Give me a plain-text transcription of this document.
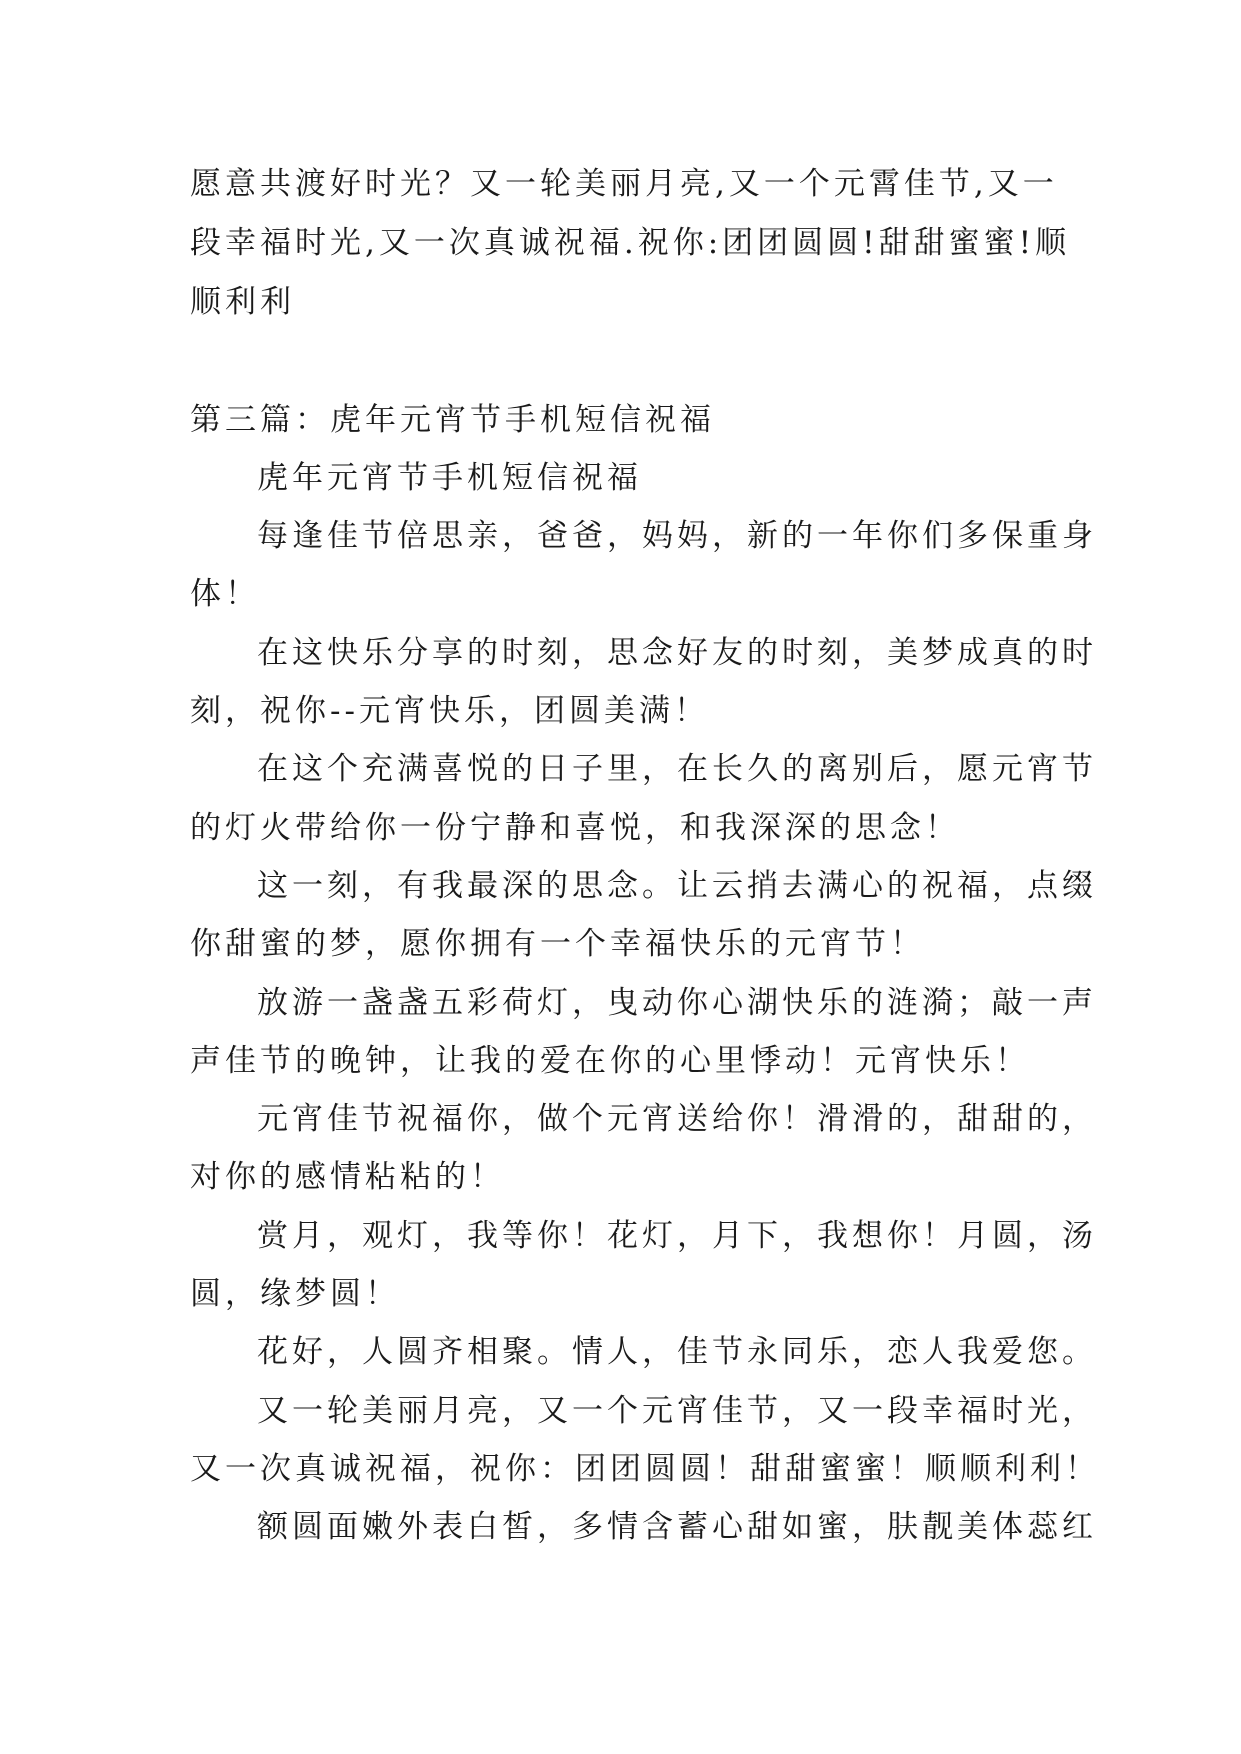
愿意共渡好时光？又一轮美丽月亮,又一个元霄佳节,又一
段幸福时光,又一次真诚祝福.祝你:团团圆圆!甜甜蜜蜜!顺
顺利利
第三篇：虎年元宵节手机短信祝福
虎年元宵节手机短信祝福
每逢佳节倍思亲，爸爸，妈妈，新的一年你们多保重身
体！
在这快乐分享的时刻，思念好友的时刻，美梦成真的时
刻，祝你--元宵快乐，团圆美满！
在这个充满喜悦的日子里，在长久的离别后，愿元宵节
的灯火带给你一份宁静和喜悦，和我深深的思念！
这一刻，有我最深的思念。让云捎去满心的祝福，点缀
你甜蜜的梦，愿你拥有一个幸福快乐的元宵节！
放游一盏盏五彩荷灯，曳动你心湖快乐的涟漪；敲一声
声佳节的晚钟，让我的爱在你的心里悸动！元宵快乐！
元宵佳节祝福你，做个元宵送给你！滑滑的，甜甜的，
对你的感情粘粘的！
赏月，观灯，我等你！花灯，月下，我想你！月圆，汤
圆，缘梦圆！
花好，人圆齐相聚。情人，佳节永同乐，恋人我爱您。
又一轮美丽月亮，又一个元宵佳节，又一段幸福时光，
又一次真诚祝福，祝你：团团圆圆！甜甜蜜蜜！顺顺利利！
额圆面嫩外表白皙，多情含蓄心甜如蜜，肤靓美体蕊红
